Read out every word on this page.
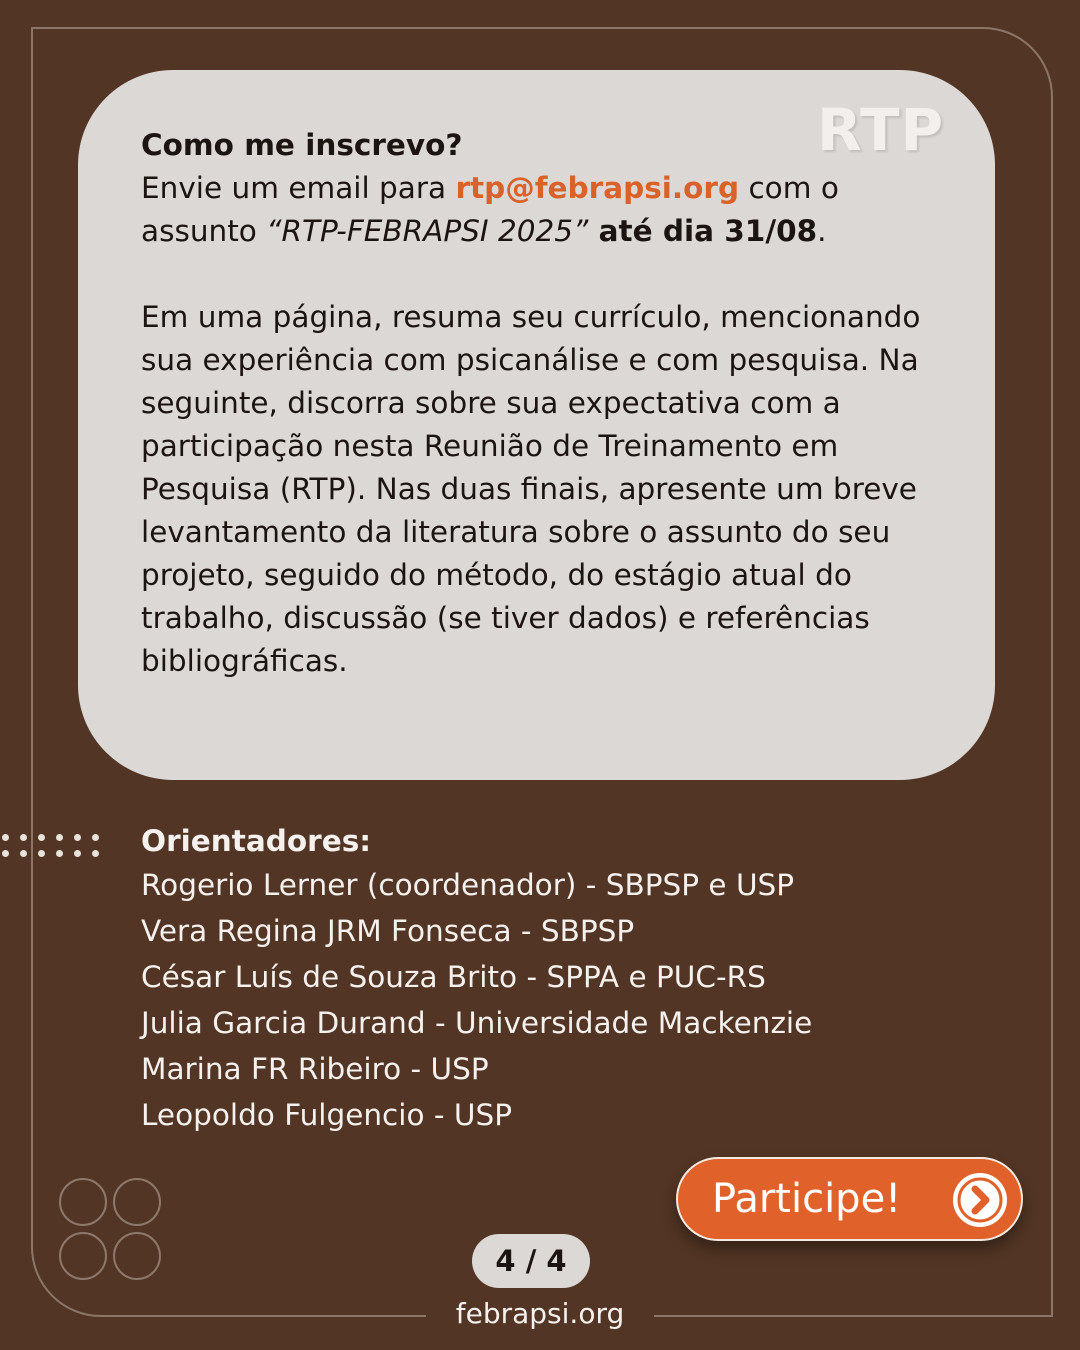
RTP

Como me inscrevo?
Envie um email para rtp@febrapsi.org com o
assunto “RTP-FEBRAPSI 2025” até dia 31/08.

Em uma página, resuma seu currículo, mencionando sua experiência com psicanálise e com pesquisa. Na seguinte, discorra sobre sua expectativa com a participação nesta Reunião de Treinamento em Pesquisa (RTP). Nas duas finais, apresente um breve levantamento da literatura sobre o assunto do seu projeto, seguido do método, do estágio atual do trabalho, discussão (se tiver dados) e referências bibliográficas.

Orientadores:
Rogerio Lerner (coordenador) - SBPSP e USP
Vera Regina JRM Fonseca - SBPSP
César Luís de Souza Brito - SPPA e PUC-RS
Julia Garcia Durand - Universidade Mackenzie
Marina FR Ribeiro - USP
Leopoldo Fulgencio - USP
Participe!
4 / 4
febrapsi.org
